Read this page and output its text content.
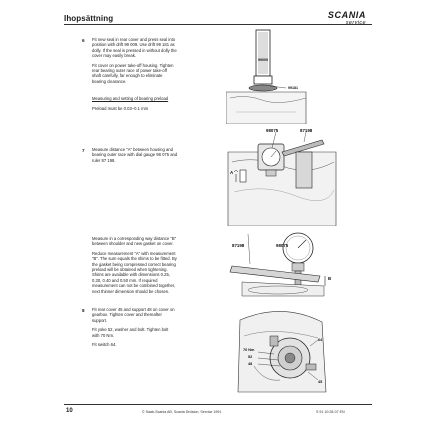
Ihopsättning	SCANIA
service
6 Fit new seal in rear cover and press seal into
position with drift 99 009. Use drift 99 181 as
dolly. If the seal is pressed in without dolly the
cover may easily break.
Fit cover on power take-off housing. Tighten
rear bearing outer race of power take-off
shaft carefully, far enough to eliminate
bearing clearance.
99009
99181
Measuring and setting of bearing preload
Preload must be 0.03–0.1 mm
7 Measure distance "A" between housing and
bearing outer race with dial gauge 98 075 and
ruler 87 198.
98075	87198
A
Measure in a corresponding way distance "B"
between shoulder and new gasket on cover.
Reduce measurement "A" with measurement
"B". The sum equals the shims to be fitted. By
the gasket being compressed correct bearing
preload will be obtained when tightening.
Shims are available with dimensions 0.25,
0.30, 0.40 and 0.50 mm. If required
measurement can not be combined together,
next thinner dimension should be chosen.
87198	98075
B
8 Fit rear cover 45 and support 48 on cover on
gearbox. Tighten cover and thereafter
support.
Fit yoke 52, washer and bolt. Tighten bolt
with 70 Nm.
Fit switch 64.
70 Nm
52
48
64
45
10	© Saab-Scania AB, Scania Division, Service 1991	S 91 10:28-07 EN
